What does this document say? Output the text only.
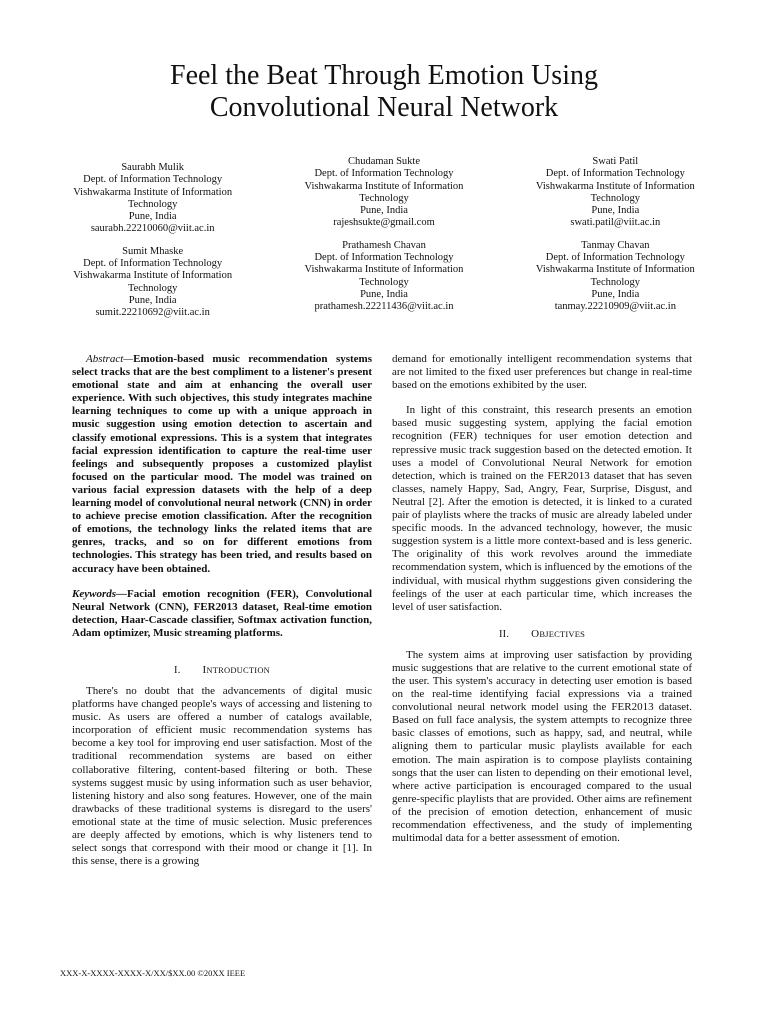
Feel the Beat Through Emotion Using
Convolutional Neural Network
Saurabh Mulik
Dept. of Information Technology
Vishwakarma Institute of Information
Technology
Pune, India
saurabh.22210060@viit.ac.in
Chudaman Sukte
Dept. of Information Technology
Vishwakarma Institute of Information
Technology
Pune, India
rajeshsukte@gmail.com
Swati Patil
Dept. of Information Technology
Vishwakarma Institute of Information
Technology
Pune, India
swati.patil@viit.ac.in
Sumit Mhaske
Dept. of Information Technology
Vishwakarma Institute of Information
Technology
Pune, India
sumit.22210692@viit.ac.in
Prathamesh Chavan
Dept. of Information Technology
Vishwakarma Institute of Information
Technology
Pune, India
prathamesh.22211436@viit.ac.in
Tanmay Chavan
Dept. of Information Technology
Vishwakarma Institute of Information
Technology
Pune, India
tanmay.22210909@viit.ac.in

Abstract—Emotion-based music recommendation systems select tracks that are the best compliment to a listener's present emotional state and aim at enhancing the overall user experience. With such objectives, this study integrates machine learning techniques to come up with a unique approach in music suggestion using emotion detection to ascertain and classify emotional expressions. This is a system that integrates facial expression identification to capture the real-time user feelings and subsequently proposes a customized playlist focused on the particular mood. The model was trained on various facial expression datasets with the help of a deep learning model of convolutional neural network (CNN) in order to achieve precise emotion classification. After the recognition of emotions, the technology links the related items that are genres, tracks, and so on for different emotions from technologies. This strategy has been tried, and results based on accuracy have been obtained.

Keywords—Facial emotion recognition (FER), Convolutional Neural Network (CNN), FER2013 dataset, Real-time emotion detection, Haar-Cascade classifier, Softmax activation function, Adam optimizer, Music streaming platforms.

I. INTRODUCTION

There's no doubt that the advancements of digital music platforms have changed people's ways of accessing and listening to music. As users are offered a number of catalogs available, incorporation of efficient music recommendation systems has become a key tool for improving end user satisfaction. Most of the traditional recommendation systems are based on either collaborative filtering, content-based filtering or both. These systems suggest music by using information such as user behavior, listening history and also song features. However, one of the main drawbacks of these traditional systems is disregard to the users' emotional state at the time of music selection. Music preferences are deeply affected by emotions, which is why listeners tend to select songs that correspond with their mood or change it [1]. In this sense, there is a growing

demand for emotionally intelligent recommendation systems that are not limited to the fixed user preferences but change in real-time based on the emotions exhibited by the user.

In light of this constraint, this research presents an emotion based music suggesting system, applying the facial emotion recognition (FER) techniques for user emotion detection and repressive music track suggestion based on the detected emotion. It uses a model of Convolutional Neural Network for emotion detection, which is trained on the FER2013 dataset that has seven classes, namely Happy, Sad, Angry, Fear, Surprise, Disgust, and Neutral [2]. After the emotion is detected, it is linked to a curated pair of playlists where the tracks of music are already labeled under specific moods. In the advanced technology, however, the music suggestion system is a little more context-based and is less generic. The originality of this work revolves around the immediate recommendation system, which is influenced by the emotions of the individual, with musical rhythm suggestions given considering the feelings of the user at each particular time, which increases the level of user satisfaction.

II. OBJECTIVES

The system aims at improving user satisfaction by providing music suggestions that are relative to the current emotional state of the user. This system's accuracy in detecting user emotion is based on the real-time identifying facial expressions via a trained convolutional neural network model using the FER2013 dataset. Based on full face analysis, the system attempts to recognize three basic classes of emotions, such as happy, sad, and neutral, while aligning them to particular music playlists available for each emotion. The main aspiration is to compose playlists containing songs that the user can listen to depending on their emotional level, where active participation is encouraged compared to the usual genre-specific playlists that are provided. Other aims are refinement of the precision of emotion detection, enhancement of music recommendation effectiveness, and the study of implementing multimodal data for a better assessment of emotion.

XXX-X-XXXX-XXXX-X/XX/$XX.00 ©20XX IEEE
